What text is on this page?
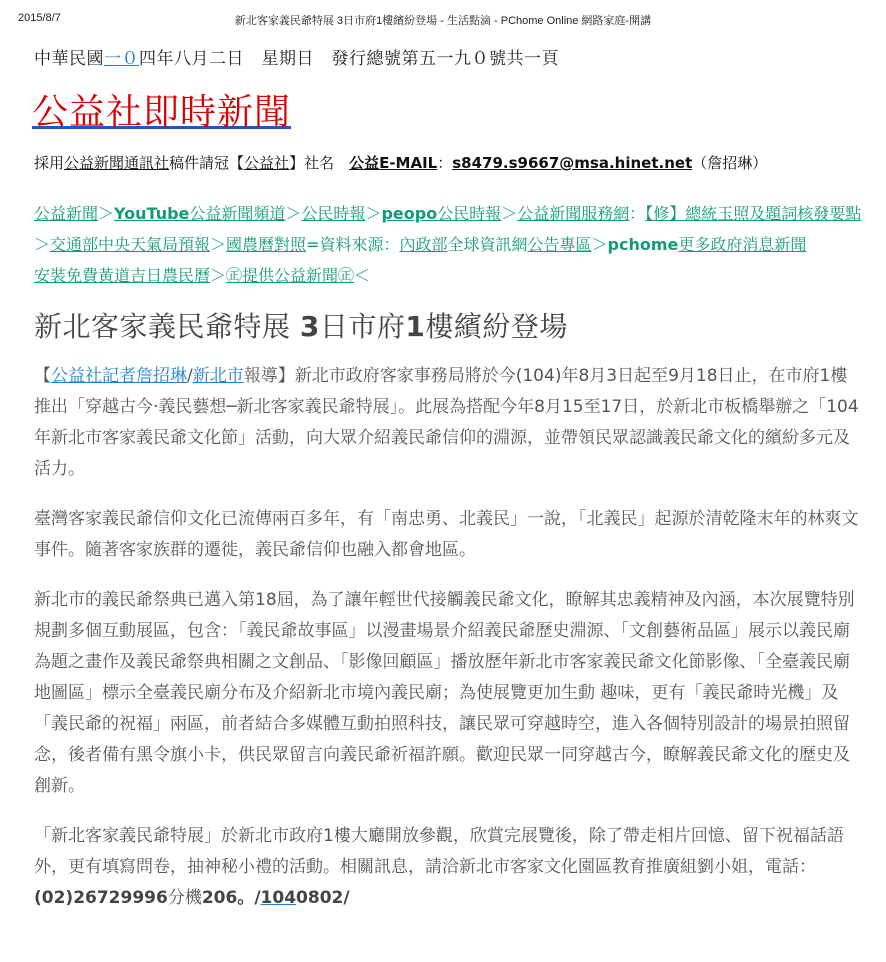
2015/8/7	新北客家義民爺特展 3日市府1樓繽紛登場 - 生活點滴 - PChome Online 網路家庭-開講
中華民國一０四年八月二日　星期日　發行總號第五一九０號共一頁
公益社即時新聞
採用公益新聞通訊社稿件請冠【公益社】社名　公益E-MAIL：s8479.s9667@msa.hinet.net（詹招琳）
公益新聞＞YouTube公益新聞頻道＞公民時報＞peopo公民時報＞公益新聞服務網：【修】總統玉照及題詞核發要點＞交通部中央天氣局預報＞國農曆對照=資料來源：內政部全球資訊網公告專區＞pchome更多政府消息新聞
安裝免費黃道吉日農民曆＞㊣提供公益新聞㊣＜
新北客家義民爺特展 3日市府1樓繽紛登場

【公益社記者詹招琳/新北市報導】新北市政府客家事務局將於今(104)年8月3日起至9月18日止，在市府1樓推出「穿越古今‧義民藝想─新北客家義民爺特展」。此展為搭配今年8月15至17日，於新北市板橋舉辦之「104年新北市客家義民爺文化節」活動，向大眾介紹義民爺信仰的淵源，並帶領民眾認識義民爺文化的繽紛多元及活力。

臺灣客家義民爺信仰文化已流傳兩百多年，有「南忠勇、北義民」一說，「北義民」起源於清乾隆末年的林爽文事件。隨著客家族群的遷徙，義民爺信仰也融入都會地區。

新北市的義民爺祭典已邁入第18屆，為了讓年輕世代接觸義民爺文化，瞭解其忠義精神及內涵，本次展覽特別規劃多個互動展區，包含：「義民爺故事區」以漫畫場景介紹義民爺歷史淵源、「文創藝術品區」展示以義民廟為題之畫作及義民爺祭典相關之文創品、「影像回顧區」播放歷年新北市客家義民爺文化節影像、「全臺義民廟地圖區」標示全臺義民廟分布及介紹新北市境內義民廟；為使展覽更加生動 趣味，更有「義民爺時光機」及「義民爺的祝福」兩區，前者結合多媒體互動拍照科技，讓民眾可穿越時空，進入各個特別設計的場景拍照留念，後者備有黑令旗小卡，供民眾留言向義民爺祈福許願。歡迎民眾一同穿越古今，瞭解義民爺文化的歷史及創新。

「新北客家義民爺特展」於新北市政府1樓大廳開放參觀，欣賞完展覽後，除了帶走相片回憶、留下祝福話語外，更有填寫問卷，抽神秘小禮的活動。相關訊息，請洽新北市客家文化園區教育推廣組劉小姐，電話：(02)26729996分機206。/1040802/
